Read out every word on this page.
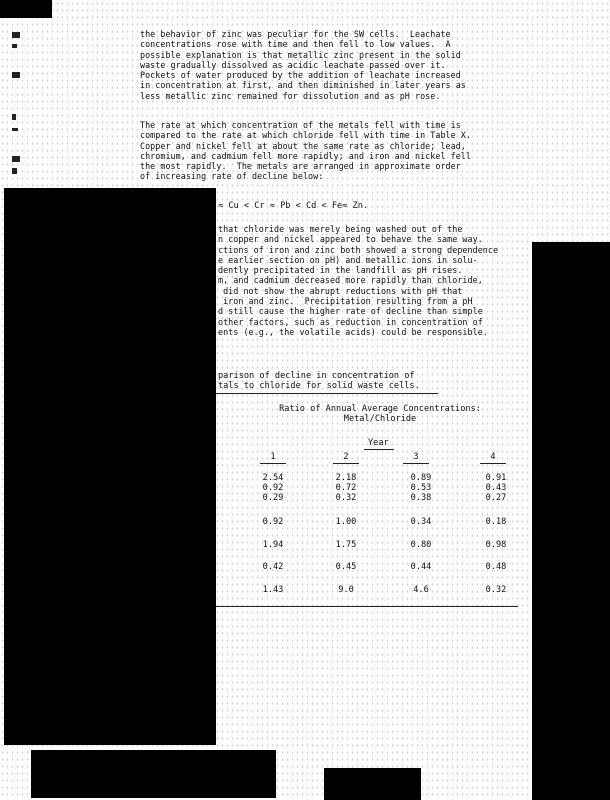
the behavior of zinc was peculiar for the SW cells.  Leachate
concentrations rose with time and then fell to low values.  A
possible explanation is that metallic zinc present in the solid
waste gradually dissolved as acidic leachate passed over it.
Pockets of water produced by the addition of leachate increased
in concentration at first, and then diminished in later years as
less metallic zinc remained for dissolution and as pH rose.
The rate at which concentration of the metals fell with time is
compared to the rate at which chloride fell with time in Table X.
Copper and nickel fell at about the same rate as chloride; lead,
chromium, and cadmium fell more rapidly; and iron and nickel fell
the most rapidly.  The metals are arranged in approximate order
of increasing rate of decline below:
≈ Cu < Cr ≈ Pb < Cd < Fe≈ Zn.
that chloride was merely being washed out of the
n copper and nickel appeared to behave the same way.
ctions of iron and zinc both showed a strong dependence
e earlier section on pH) and metallic ions in solu-
dently precipitated in the landfill as pH rises.
m, and cadmium decreased more rapidly than chloride,
did not show the abrupt reductions with pH that
iron and zinc.  Precipitation resulting from a pH
d still cause the higher rate of decline than simple
other factors, such as reduction in concentration of
ents (e.g., the volatile acids) could be responsible.
parison of decline in concentration of
tals to chloride for solid waste cells.
Ratio of Annual Average Concentrations:
Metal/Chloride
Year
1	2	3	4
2.54	2.18	0.89	0.91
0.92	0.72	0.53	0.43
0.29	0.32	0.38	0.27
0.92	1.00	0.34	0.18
1.94	1.75	0.80	0.98
0.42	0.45	0.44	0.48
1.43	9.0	4.6	0.32
